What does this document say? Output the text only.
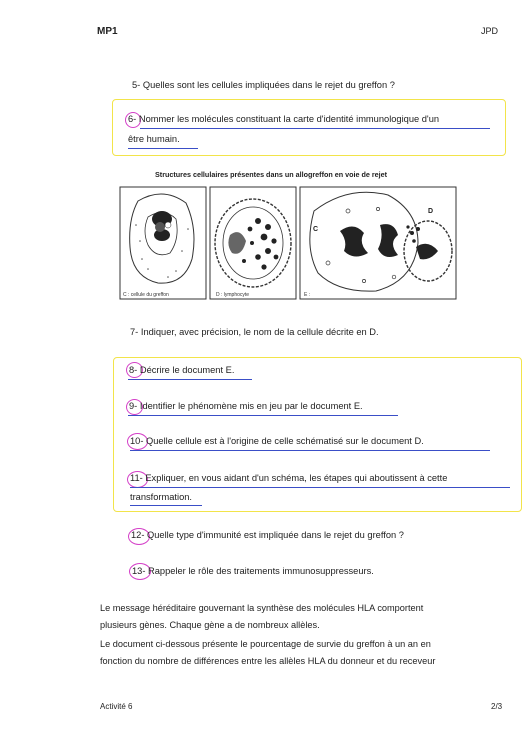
MP1	JPD
5- Quelles sont les cellules impliquées dans le rejet du greffon ?
6- Nommer les molécules constituant la carte d'identité immunologique d'un
être humain.
Structures cellulaires présentes dans un allogreffon en voie de rejet
C : cellule du greffon	D : lymphocyte	E :
C
D
7- Indiquer, avec précision, le nom de la cellule décrite en D.
8- Décrire le document E.
9- Identifier le phénomène mis en jeu par le document E.
10- Quelle cellule est à l'origine de celle schématisé sur le document D.
11- Expliquer, en vous aidant d'un schéma, les étapes qui aboutissent à cette
transformation.
12- Quelle type d'immunité est impliquée dans le rejet du greffon ?
13- Rappeler le rôle des traitements immunosuppresseurs.
Le message héréditaire gouvernant la synthèse des molécules HLA comportent
plusieurs gènes. Chaque gène a de nombreux allèles.
Le document ci-dessous présente le pourcentage de survie du greffon à un an en
fonction du nombre de différences entre les allèles HLA du donneur et du receveur
Activité 6	2/3
